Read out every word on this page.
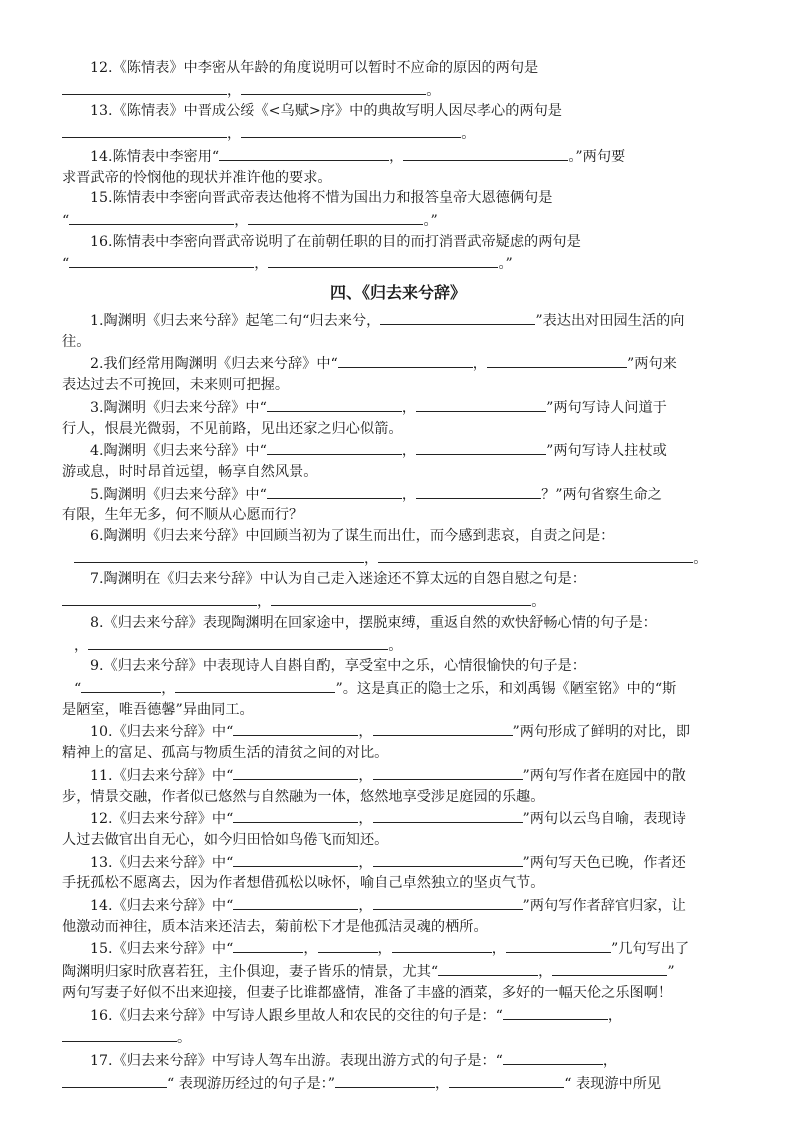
12.《陈情表》中李密从年龄的角度说明可以暂时不应命的原因的两句是

，	。

13.《陈情表》中晋成公绥《<乌赋>序》中的典故写明人因尽孝心的两句是

，	。

14.陈情表中李密用“	，	。”两句要

求晋武帝的怜悯他的现状并准许他的要求。

15.陈情表中李密向晋武帝表达他将不惜为国出力和报答皇帝大恩德俩句是

“	，	。”

16.陈情表中李密向晋武帝说明了在前朝任职的目的而打消晋武帝疑虑的两句是

“	，	。”

四、《归去来兮辞》

1.陶渊明《归去来兮辞》起笔二句“归去来兮，	”表达出对田园生活的向

往。

2.我们经常用陶渊明《归去来兮辞》中“	，	”两句来

表达过去不可挽回，未来则可把握。

3.陶渊明《归去来兮辞》中“	，	”两句写诗人问道于

行人，恨晨光微弱，不见前路，见出还家之归心似箭。

4.陶渊明《归去来兮辞》中“	，	”两句写诗人拄杖或

游或息，时时昂首远望，畅享自然风景。

5.陶渊明《归去来兮辞》中“	，	？”两句省察生命之

有限，生年无多，何不顺从心愿而行？

6.陶渊明《归去来兮辞》中回顾当初为了谋生而出仕，而今感到悲哀，自责之问是：

，	。

7.陶渊明在《归去来兮辞》中认为自己走入迷途还不算太远的自怨自慰之句是：

，	。

8.《归去来兮辞》表现陶渊明在回家途中，摆脱束缚，重返自然的欢快舒畅心情的句子是：

，	。

9.《归去来兮辞》中表现诗人自斟自酌，享受室中之乐，心情很愉快的句子是：

“	，	”。这是真正的隐士之乐，和刘禹锡《陋室铭》中的“斯

是陋室，唯吾德馨”异曲同工。

10.《归去来兮辞》中“	，	”两句形成了鲜明的对比，即

精神上的富足、孤高与物质生活的清贫之间的对比。

11.《归去来兮辞》中“	，	”两句写作者在庭园中的散

步，情景交融，作者似已悠然与自然融为一体，悠然地享受涉足庭园的乐趣。

12.《归去来兮辞》中“	，	”两句以云鸟自喻，表现诗

人过去做官出自无心，如今归田恰如鸟倦飞而知还。

13.《归去来兮辞》中“	，	”两句写天色已晚，作者还

手抚孤松不愿离去，因为作者想借孤松以咏怀，喻自己卓然独立的坚贞气节。

14.《归去来兮辞》中“	，	”两句写作者辞官归家，让

他激动而神往，质本洁来还洁去，菊前松下才是他孤洁灵魂的栖所。

15.《归去来兮辞》中“	，	，	，	”几句写出了

陶渊明归家时欣喜若狂，主仆俱迎，妻子皆乐的情景，尤其“	，	”

两句写妻子好似不出来迎接，但妻子比谁都盛情，准备了丰盛的酒菜，多好的一幅天伦之乐图啊！

16.《归去来兮辞》中写诗人跟乡里故人和农民的交往的句子是：“	，

。

17.《归去来兮辞》中写诗人驾车出游。表现出游方式的句子是：“	，

“ 表现游历经过的句子是：”	，	“ 表现游中所见
